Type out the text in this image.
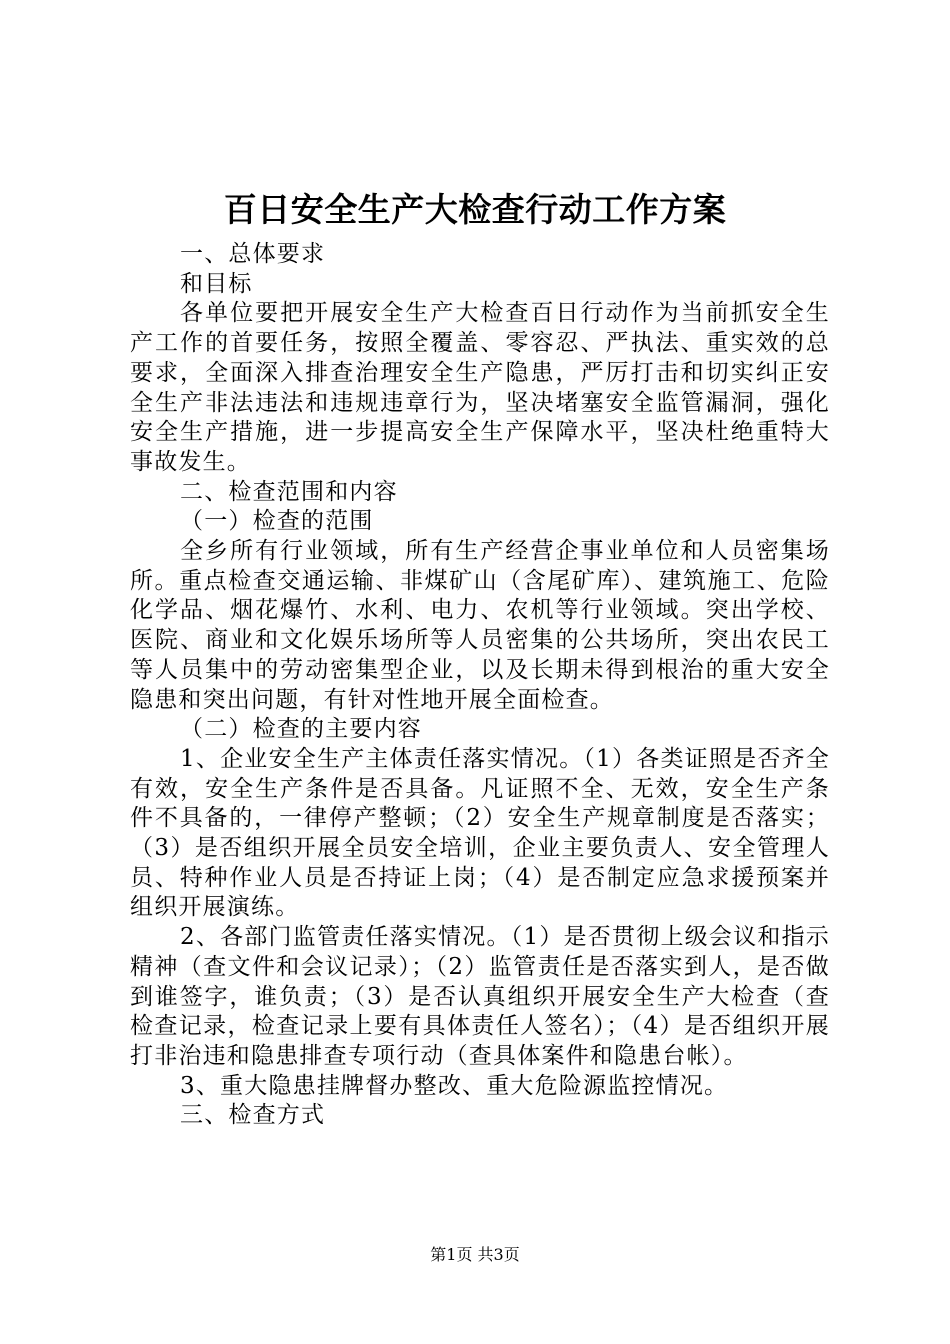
百日安全生产大检查行动工作方案

一、总体要求

和目标

各单位要把开展安全生产大检查百日行动作为当前抓安全生产工作的首要任务，按照全覆盖、零容忍、严执法、重实效的总要求，全面深入排查治理安全生产隐患，严厉打击和切实纠正安全生产非法违法和违规违章行为，坚决堵塞安全监管漏洞，强化安全生产措施，进一步提高安全生产保障水平，坚决杜绝重特大事故发生。

二、检查范围和内容

（一）检查的范围

全乡所有行业领域，所有生产经营企事业单位和人员密集场所。重点检查交通运输、非煤矿山（含尾矿库）、建筑施工、危险化学品、烟花爆竹、水利、电力、农机等行业领域。突出学校、医院、商业和文化娱乐场所等人员密集的公共场所，突出农民工等人员集中的劳动密集型企业，以及长期未得到根治的重大安全隐患和突出问题，有针对性地开展全面检查。

（二）检查的主要内容

1、企业安全生产主体责任落实情况。（1）各类证照是否齐全有效，安全生产条件是否具备。凡证照不全、无效，安全生产条件不具备的，一律停产整顿；（2）安全生产规章制度是否落实；（3）是否组织开展全员安全培训，企业主要负责人、安全管理人员、特种作业人员是否持证上岗；（4）是否制定应急求援预案并组织开展演练。

2、各部门监管责任落实情况。（1）是否贯彻上级会议和指示精神（查文件和会议记录）；（2）监管责任是否落实到人，是否做到谁签字，谁负责；（3）是否认真组织开展安全生产大检查（查检查记录，检查记录上要有具体责任人签名）；（4）是否组织开展打非治违和隐患排查专项行动（查具体案件和隐患台帐）。

3、重大隐患挂牌督办整改、重大危险源监控情况。

三、检查方式

第1页 共3页
